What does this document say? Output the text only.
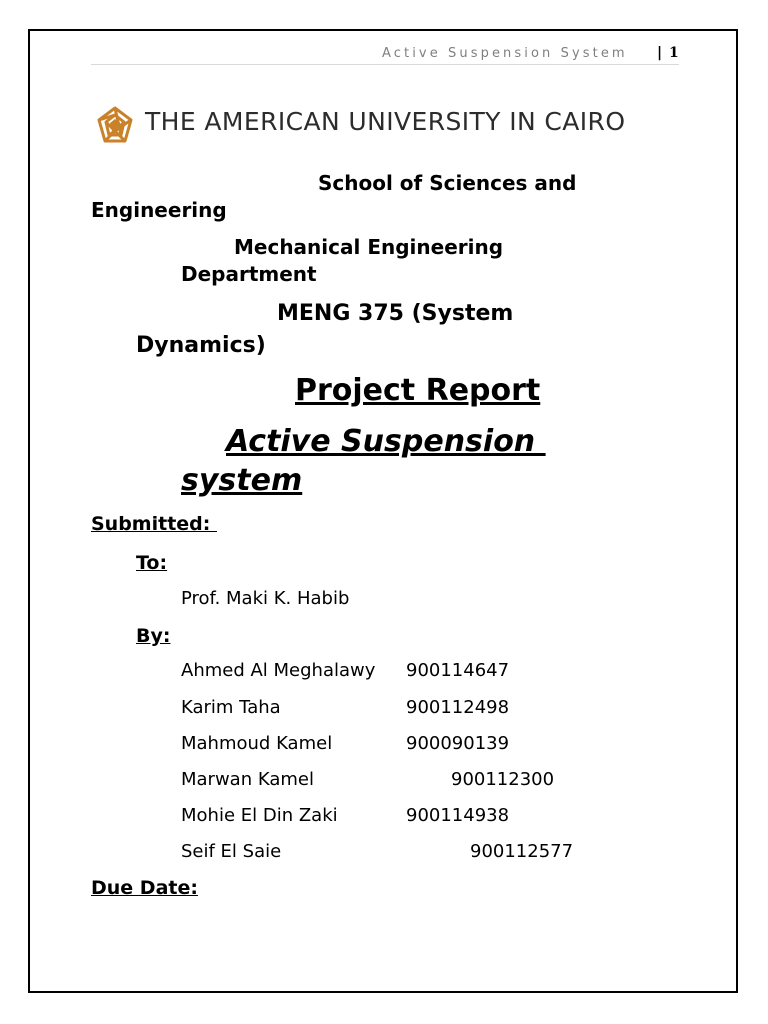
Active Suspension System | 1
THE AMERICAN UNIVERSITY IN CAIRO
School of Sciences and
Engineering
Mechanical Engineering
Department
MENG 375 (System
Dynamics)
Project Report
Active Suspension
system
Submitted:
To:
Prof. Maki K. Habib
By:
Ahmed Al Meghalawy 900114647
Karim Taha	900112498
Mahmoud Kamel	900090139
Marwan Kamel	900112300
Mohie El Din Zaki	900114938
Seif El Saie	900112577
Due Date:
